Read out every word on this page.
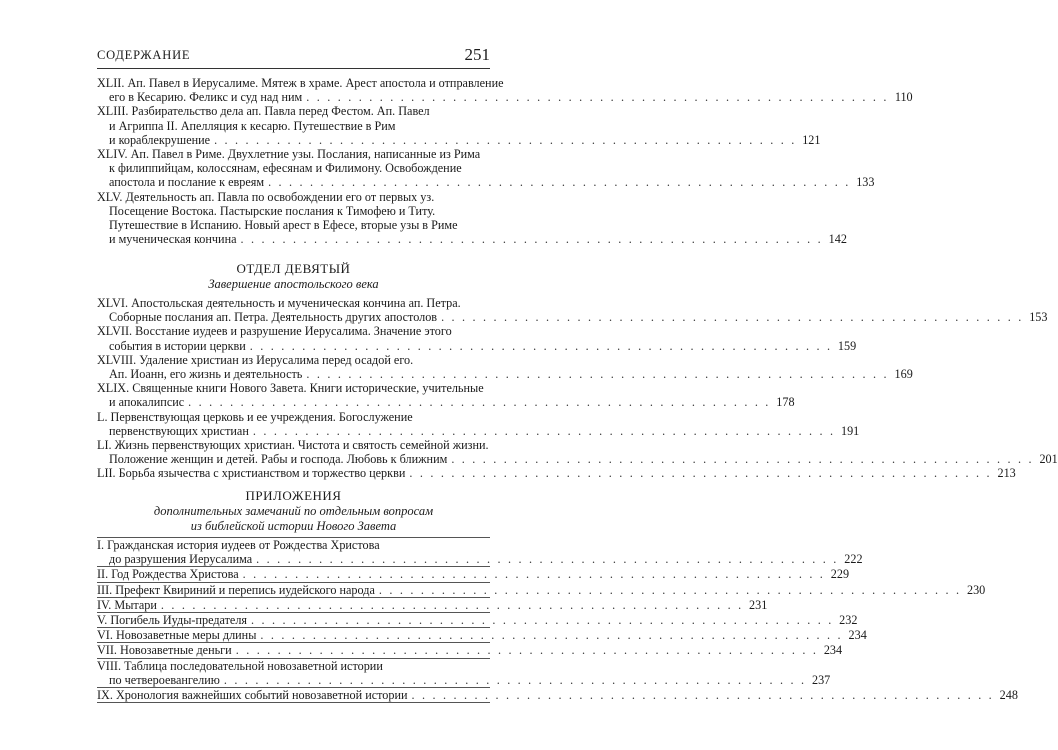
СОДЕРЖАНИЕ	251
XLII. Ап. Павел в Иерусалиме. Мятеж в храме. Арест апостола и отправление
его в Кесарию. Феликс и суд над ним . . . . . . . . . . . . . . . . . . . . . . . . . . . . . . . . . . . . . . . . . . . . . . . . . . . . . . . . 110
XLIII. Разбирательство дела ап. Павла перед Фестом. Ап. Павел
и Агриппа II. Апелляция к кесарю. Путешествие в Рим
и кораблекрушение . . . . . . . . . . . . . . . . . . . . . . . . . . . . . . . . . . . . . . . . . . . . . . . . . . . . . . . . 121
XLIV. Ап. Павел в Риме. Двухлетние узы. Послания, написанные из Рима
к филиппийцам, колоссянам, ефесянам и Филимону. Освобождение
апостола и послание к евреям . . . . . . . . . . . . . . . . . . . . . . . . . . . . . . . . . . . . . . . . . . . . . . . . . . . . . . . . 133
XLV. Деятельность ап. Павла по освобождении его от первых уз.
Посещение Востока. Пастырские послания к Тимофею и Титу.
Путешествие в Испанию. Новый арест в Ефесе, вторые узы в Риме
и мученическая кончина . . . . . . . . . . . . . . . . . . . . . . . . . . . . . . . . . . . . . . . . . . . . . . . . . . . . . . . . 142
ОТДЕЛ ДЕВЯТЫЙ
Завершение апостольского века
XLVI. Апостольская деятельность и мученическая кончина ап. Петра.
Соборные послания ап. Петра. Деятельность других апостолов . . . . . . . . . . . . . . . . . . . . . . . . . . . . . . . . . . . . . . . . . . . . . . . . . . . . . . . . 153
XLVII. Восстание иудеев и разрушение Иерусалима. Значение этого
события в истории церкви . . . . . . . . . . . . . . . . . . . . . . . . . . . . . . . . . . . . . . . . . . . . . . . . . . . . . . . . 159
XLVIII. Удаление христиан из Иерусалима перед осадой его.
Ап. Иоанн, его жизнь и деятельность . . . . . . . . . . . . . . . . . . . . . . . . . . . . . . . . . . . . . . . . . . . . . . . . . . . . . . . . 169
XLIX. Священные книги Нового Завета. Книги исторические, учительные
и апокалипсис . . . . . . . . . . . . . . . . . . . . . . . . . . . . . . . . . . . . . . . . . . . . . . . . . . . . . . . . 178
L. Первенствующая церковь и ее учреждения. Богослужение
первенствующих христиан . . . . . . . . . . . . . . . . . . . . . . . . . . . . . . . . . . . . . . . . . . . . . . . . . . . . . . . . 191
LI. Жизнь первенствующих христиан. Чистота и святость семейной жизни.
Положение женщин и детей. Рабы и господа. Любовь к ближним . . . . . . . . . . . . . . . . . . . . . . . . . . . . . . . . . . . . . . . . . . . . . . . . . . . . . . . . 201
LII. Борьба язычества с христианством и торжество церкви . . . . . . . . . . . . . . . . . . . . . . . . . . . . . . . . . . . . . . . . . . . . . . . . . . . . . . . . 213
ПРИЛОЖЕНИЯ
дополнительных замечаний по отдельным вопросам
из библейской истории Нового Завета
I. Гражданская история иудеев от Рождества Христова
до разрушения Иерусалима . . . . . . . . . . . . . . . . . . . . . . . . . . . . . . . . . . . . . . . . . . . . . . . . . . . . . . . . 222
II. Год Рождества Христова . . . . . . . . . . . . . . . . . . . . . . . . . . . . . . . . . . . . . . . . . . . . . . . . . . . . . . . . 229
III. Префект Квириний и перепись иудейского народа . . . . . . . . . . . . . . . . . . . . . . . . . . . . . . . . . . . . . . . . . . . . . . . . . . . . . . . . 230
IV. Мытари . . . . . . . . . . . . . . . . . . . . . . . . . . . . . . . . . . . . . . . . . . . . . . . . . . . . . . . . 231
V. Погибель Иуды-предателя . . . . . . . . . . . . . . . . . . . . . . . . . . . . . . . . . . . . . . . . . . . . . . . . . . . . . . . . 232
VI. Новозаветные меры длины . . . . . . . . . . . . . . . . . . . . . . . . . . . . . . . . . . . . . . . . . . . . . . . . . . . . . . . . 234
VII. Новозаветные деньги . . . . . . . . . . . . . . . . . . . . . . . . . . . . . . . . . . . . . . . . . . . . . . . . . . . . . . . . 234
VIII. Таблица последовательной новозаветной истории
по четвероевангелию . . . . . . . . . . . . . . . . . . . . . . . . . . . . . . . . . . . . . . . . . . . . . . . . . . . . . . . . 237
IX. Хронология важнейших событий новозаветной истории . . . . . . . . . . . . . . . . . . . . . . . . . . . . . . . . . . . . . . . . . . . . . . . . . . . . . . . . 248
